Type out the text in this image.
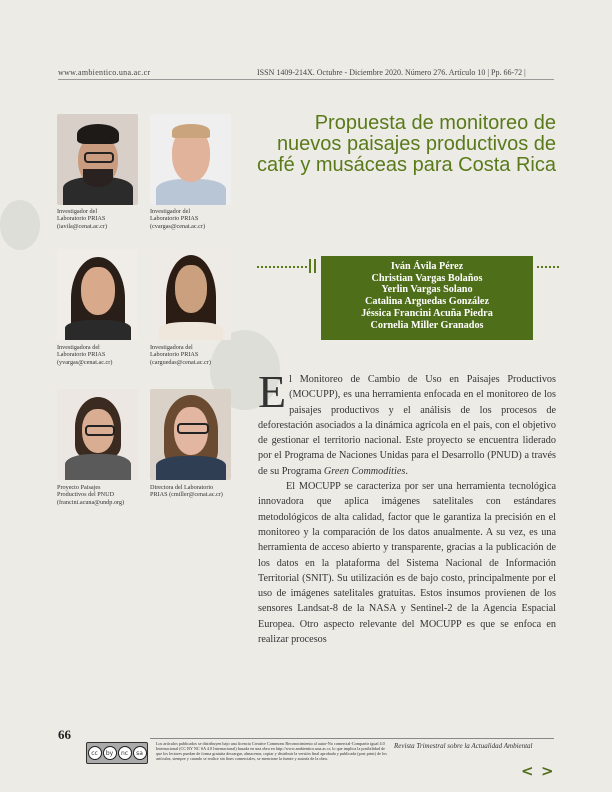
www.ambientico.una.ac.cr	ISSN 1409-214X. Octubre - Diciembre 2020. Número 276. Artículo 10 | Pp. 66-72 |
Propuesta de monitoreo de nuevos paisajes productivos de café y musáceas para Costa Rica
Investigador del
Laboratorio PRIAS
(iavila@cenat.ac.cr)
Investigador del
Laboratorio PRIAS
(cvargas@cenat.ac.cr)
Investigadora del
Laboratorio PRIAS
(yvargas@cenat.ac.cr)
Investigadora del
Laboratorio PRIAS
(carguedas@cenat.ac.cr)
Proyecto Paisajes
Productivos del PNUD
(francini.acuna@undp.org)
Directora del Laboratorio
PRIAS (cmiller@cenat.ac.cr)
Iván Ávila Pérez
Christian Vargas Bolaños
Yerlin Vargas Solano
Catalina Arguedas González
Jéssica Francini Acuña Piedra
Cornelia Miller Granados

El Monitoreo de Cambio de Uso en Paisajes Productivos (MOCUPP), es una herramienta enfocada en el monitoreo de los paisajes productivos y el análisis de los procesos de deforestación asociados a la dinámica agrícola en el país, con el objetivo de gestionar el territorio nacional. Este proyecto se encuentra liderado por el Programa de Naciones Unidas para el Desarrollo (PNUD) a través de su Programa Green Commodities.

El MOCUPP se caracteriza por ser una herramienta tecnológica innovadora que aplica imágenes satelitales con estándares metodológicos de alta calidad, factor que le garantiza la precisión en el monitoreo y la comparación de los datos anualmente. A su vez, es una herramienta de acceso abierto y transparente, gracias a la publicación de los datos en la plataforma del Sistema Nacional de Información Territorial (SNIT). Su utilización es de bajo costo, principalmente por el uso de imágenes satelitales gratuitas. Estos insumos provienen de los sensores Landsat-8 de la NASA y Sentinel-2 de la Agencia Espacial Europea. Otro aspecto relevante del MOCUPP es que se enfoca en realizar procesos

66
cc	by	nc	sa
Los artículos publicados se distribuyen bajo una licencia Creative Commons Reconocimiento al autor-No comercial-Compartir igual 4.0 Internacional (CC BY NC SA 4.0 Internacional) basada en una obra en http://www.ambientico.una.ac.cr, lo que implica la posibilidad de que los lectores puedan de forma gratuita descargar, almacenar, copiar y distribuir la versión final aprobada y publicada (post print) de los artículos, siempre y cuando se realice sin fines comerciales, se mencione la fuente y autoría de la obra.
Revista Trimestral sobre la Actualidad Ambiental
< >
